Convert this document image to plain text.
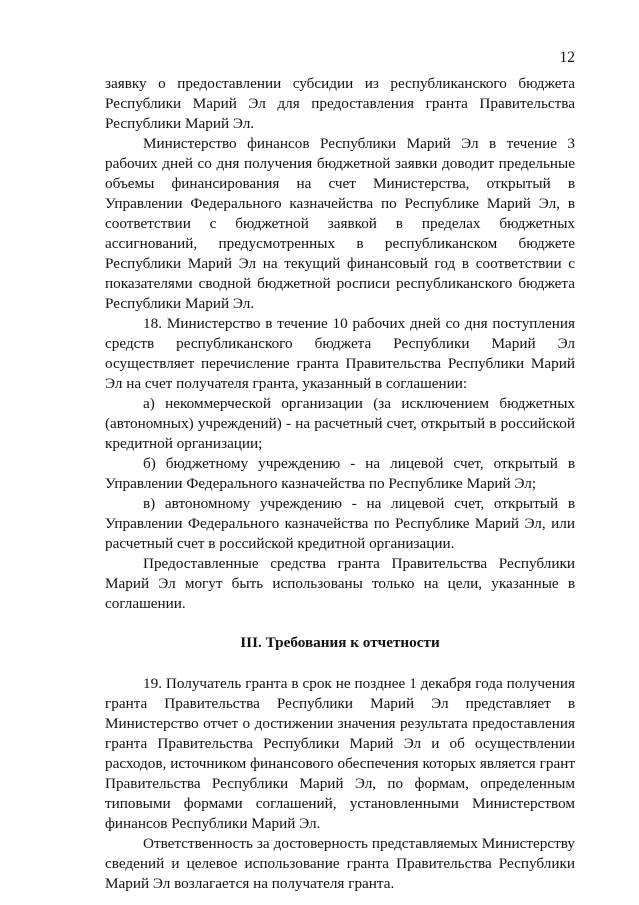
12

заявку о предоставлении субсидии из республиканского бюджета Республики Марий Эл для предоставления гранта Правительства Республики Марий Эл.

Министерство финансов Республики Марий Эл в течение 3 рабочих дней со дня получения бюджетной заявки доводит предельные объемы финансирования на счет Министерства, открытый в Управлении Федерального казначейства по Республике Марий Эл, в соответствии с бюджетной заявкой в пределах бюджетных ассигнований, предусмотренных в республиканском бюджете Республики Марий Эл на текущий финансовый год в соответствии с показателями сводной бюджетной росписи республиканского бюджета Республики Марий Эл.

18. Министерство в течение 10 рабочих дней со дня поступления средств республиканского бюджета Республики Марий Эл осуществляет перечисление гранта Правительства Республики Марий Эл на счет получателя гранта, указанный в соглашении:

а) некоммерческой организации (за исключением бюджетных (автономных) учреждений) - на расчетный счет, открытый в российской кредитной организации;

б) бюджетному учреждению - на лицевой счет, открытый в Управлении Федерального казначейства по Республике Марий Эл;

в) автономному учреждению - на лицевой счет, открытый в Управлении Федерального казначейства по Республике Марий Эл, или расчетный счет в российской кредитной организации.

Предоставленные средства гранта Правительства Республики Марий Эл могут быть использованы только на цели, указанные в соглашении.

III. Требования к отчетности

19. Получатель гранта в срок не позднее 1 декабря года получения гранта Правительства Республики Марий Эл представляет в Министерство отчет о достижении значения результата предоставления гранта Правительства Республики Марий Эл и об осуществлении расходов, источником финансового обеспечения которых является грант Правительства Республики Марий Эл, по формам, определенным типовыми формами соглашений, установленными Министерством финансов Республики Марий Эл.

Ответственность за достоверность представляемых Министерству сведений и целевое использование гранта Правительства Республики Марий Эл возлагается на получателя гранта.
